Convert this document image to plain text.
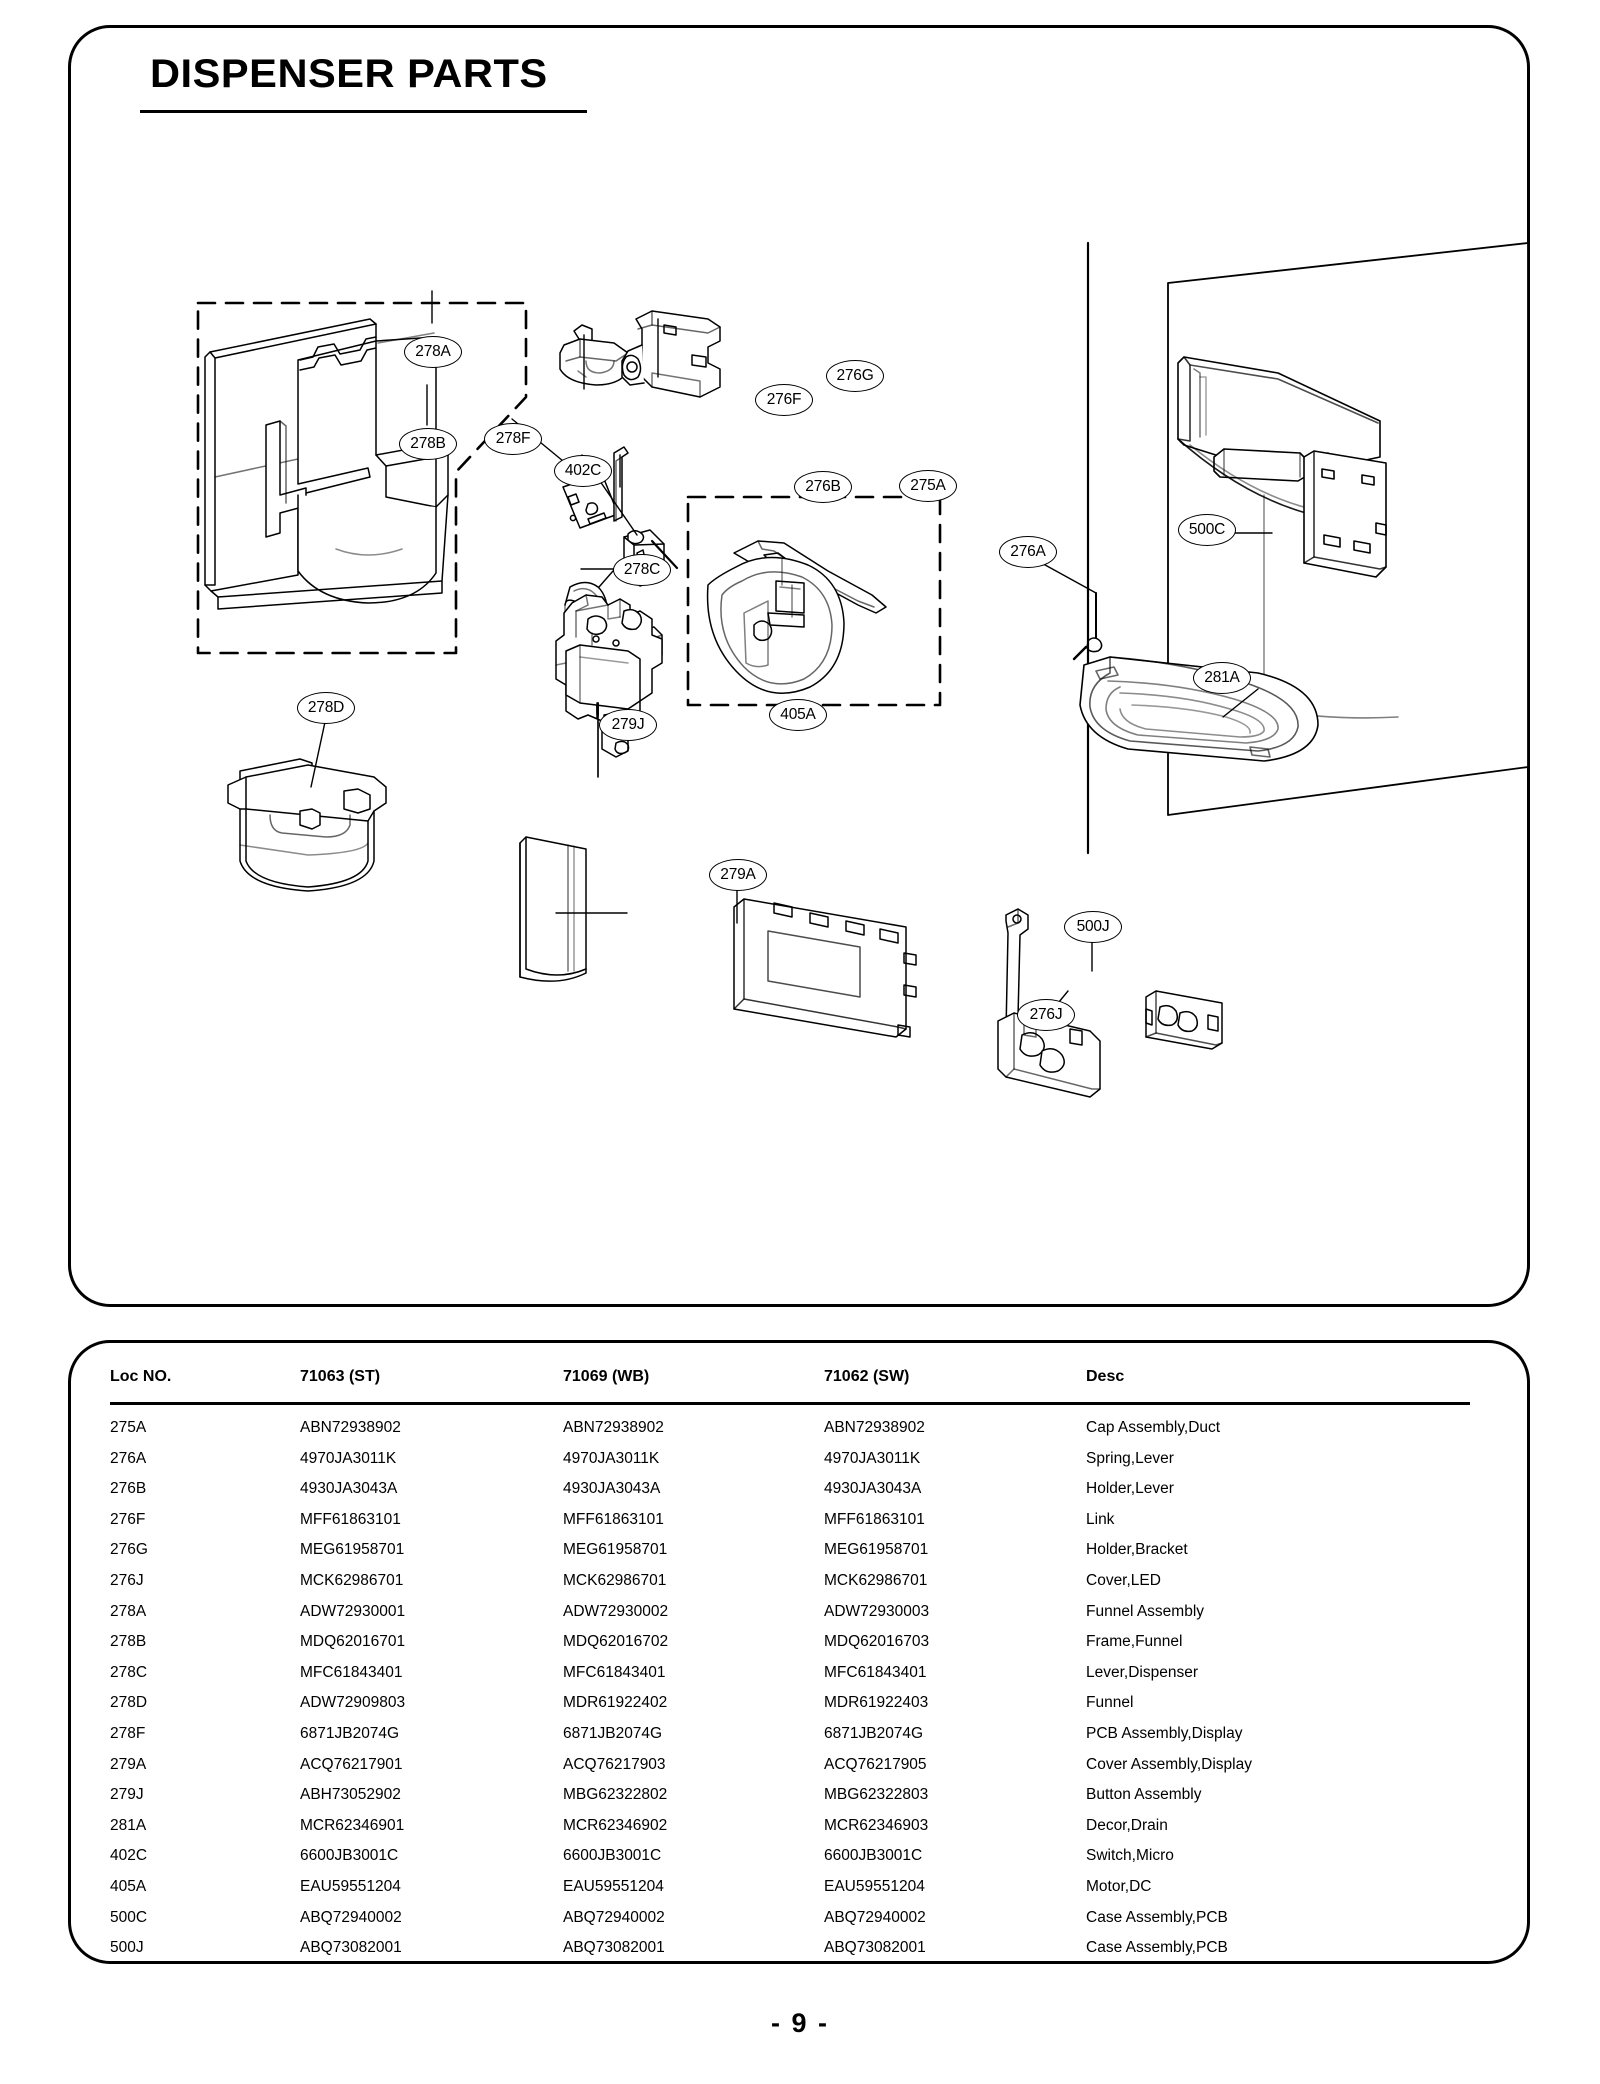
DISPENSER PARTS
278A
278B	278F
402C
278C
278D
279J
276F
276G
276B	275A
276A
405A
500C
281A
279A
500J
276J
Loc NO.	71063 (ST)	71069 (WB)	71062 (SW)	Desc
275A	ABN72938902	ABN72938902	ABN72938902	Cap Assembly,Duct
276A	4970JA3011K	4970JA3011K	4970JA3011K	Spring,Lever
276B	4930JA3043A	4930JA3043A	4930JA3043A	Holder,Lever
276F	MFF61863101	MFF61863101	MFF61863101	Link
276G	MEG61958701	MEG61958701	MEG61958701	Holder,Bracket
276J	MCK62986701	MCK62986701	MCK62986701	Cover,LED
278A	ADW72930001	ADW72930002	ADW72930003	Funnel Assembly
278B	MDQ62016701	MDQ62016702	MDQ62016703	Frame,Funnel
278C	MFC61843401	MFC61843401	MFC61843401	Lever,Dispenser
278D	ADW72909803	MDR61922402	MDR61922403	Funnel
278F	6871JB2074G	6871JB2074G	6871JB2074G	PCB Assembly,Display
279A	ACQ76217901	ACQ76217903	ACQ76217905	Cover Assembly,Display
279J	ABH73052902	MBG62322802	MBG62322803	Button Assembly
281A	MCR62346901	MCR62346902	MCR62346903	Decor,Drain
402C	6600JB3001C	6600JB3001C	6600JB3001C	Switch,Micro
405A	EAU59551204	EAU59551204	EAU59551204	Motor,DC
500C	ABQ72940002	ABQ72940002	ABQ72940002	Case Assembly,PCB
500J	ABQ73082001	ABQ73082001	ABQ73082001	Case Assembly,PCB
- 9 -
